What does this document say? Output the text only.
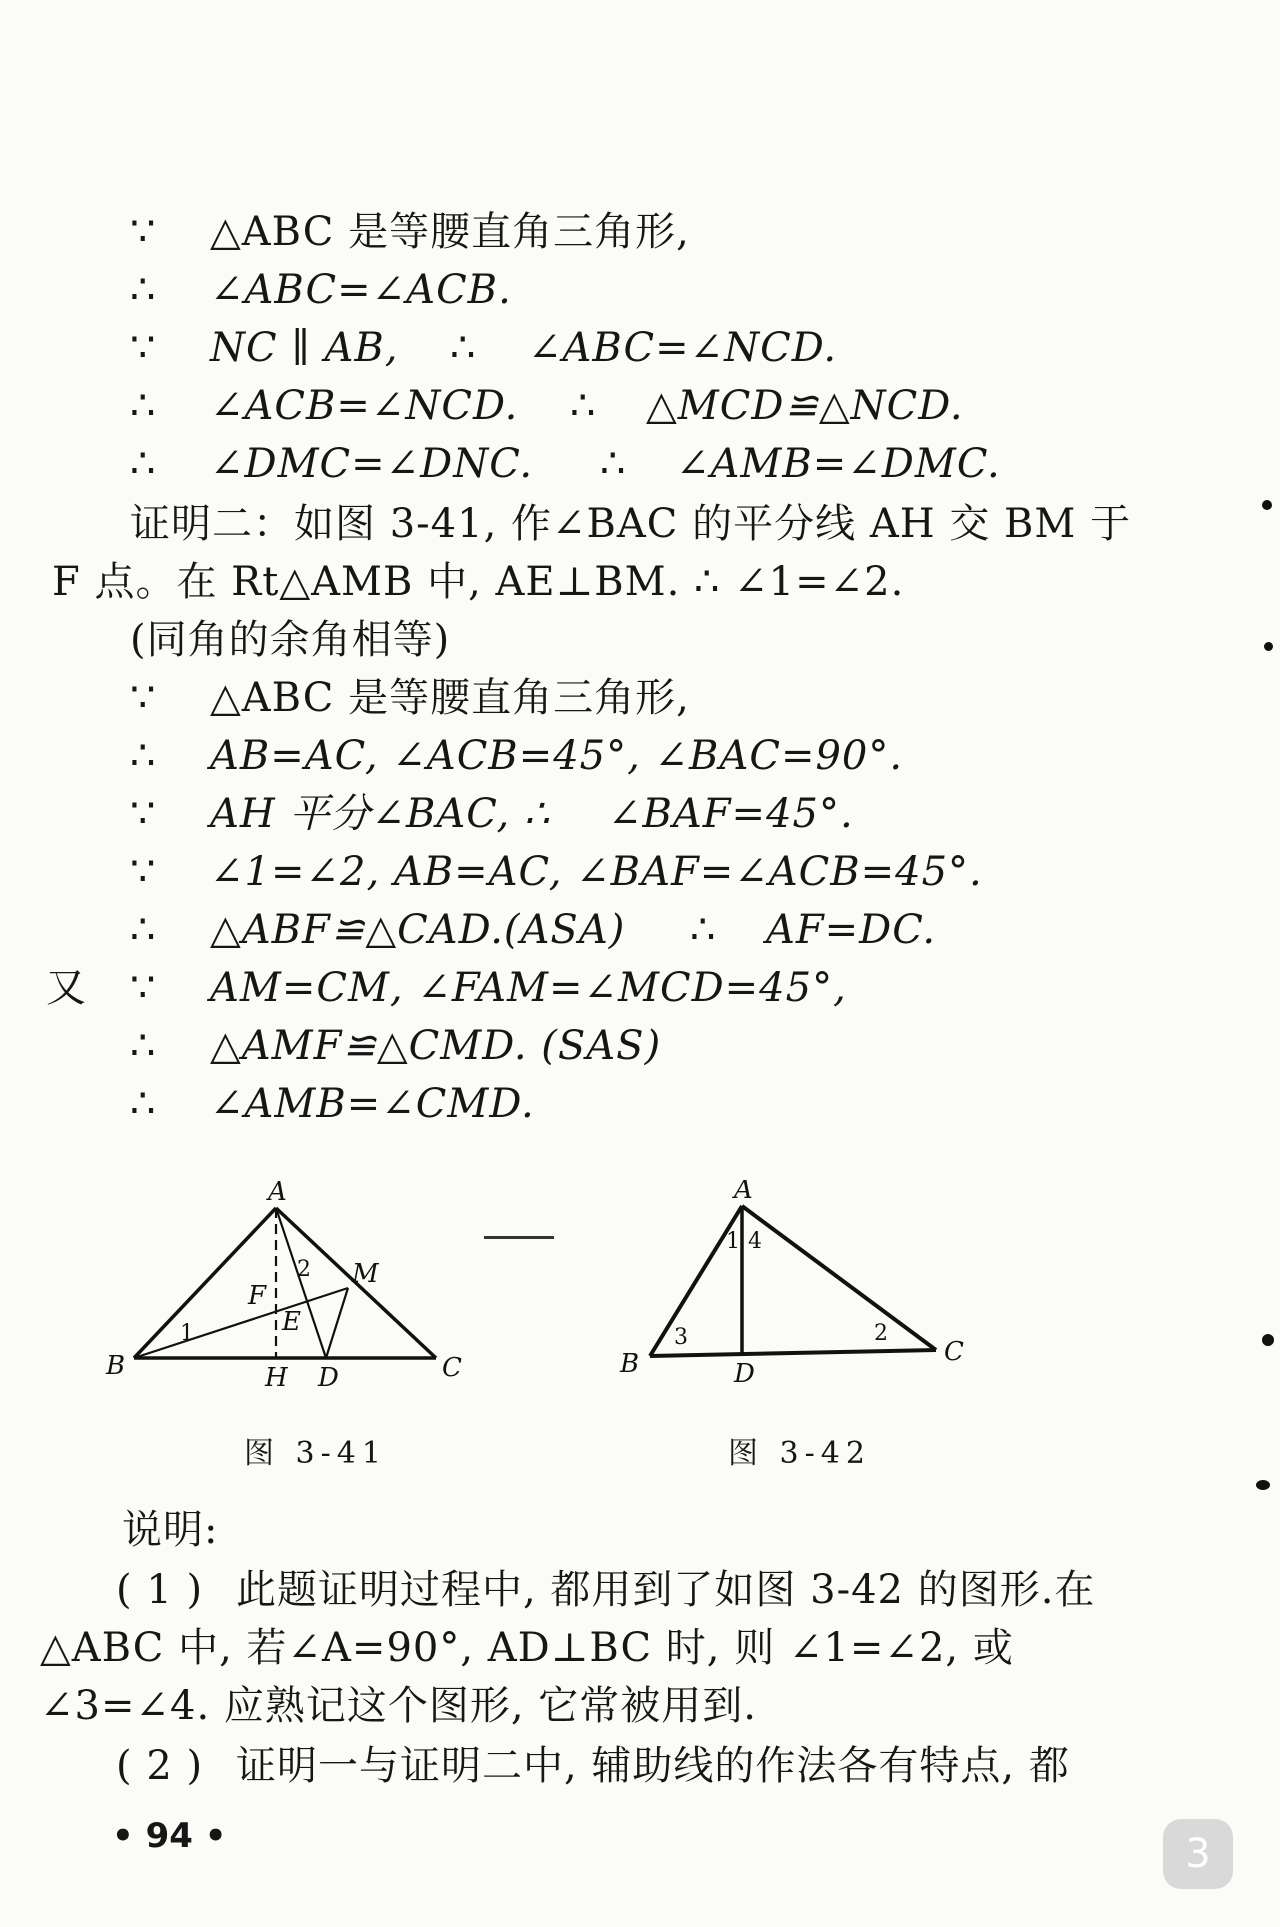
∵ △ABC 是等腰直角三角形,
∴ ∠ABC=∠ACB.
∵ NC ∥ AB, ∴ ∠ABC=∠NCD.
∴ ∠ACB=∠NCD. ∴ △MCD≌△NCD.
∴ ∠DMC=∠DNC. ∴ ∠AMB=∠DMC.
证明二：如图 3-41, 作∠BAC 的平分线 AH 交 BM 于
F 点。在 Rt△AMB 中, AE⊥BM. ∴ ∠1=∠2.
(同角的余角相等)
∵ △ABC 是等腰直角三角形,
∴ AB=AC, ∠ACB=45°, ∠BAC=90°.
∵ AH 平分∠BAC, ∴ ∠BAF=45°.
∵ ∠1=∠2, AB=AC, ∠BAF=∠ACB=45°.
∴ △ABF≌△CAD.(ASA) ∴ AF=DC.
又 ∵ AM=CM, ∠FAM=∠MCD=45°,
∴ △AMF≌△CMD. (SAS)
∴ ∠AMB=∠CMD.
A
B	C
H D
M
F
E
1
2
A
B	C
D
1 4
3	2
图 3-41	图 3-42
说明:
( 1 ) 此题证明过程中, 都用到了如图 3-42 的图形.在
△ABC 中, 若∠A=90°, AD⊥BC 时, 则 ∠1=∠2, 或
∠3=∠4. 应熟记这个图形, 它常被用到.
( 2 ) 证明一与证明二中, 辅助线的作法各有特点, 都
• 94 •	3
